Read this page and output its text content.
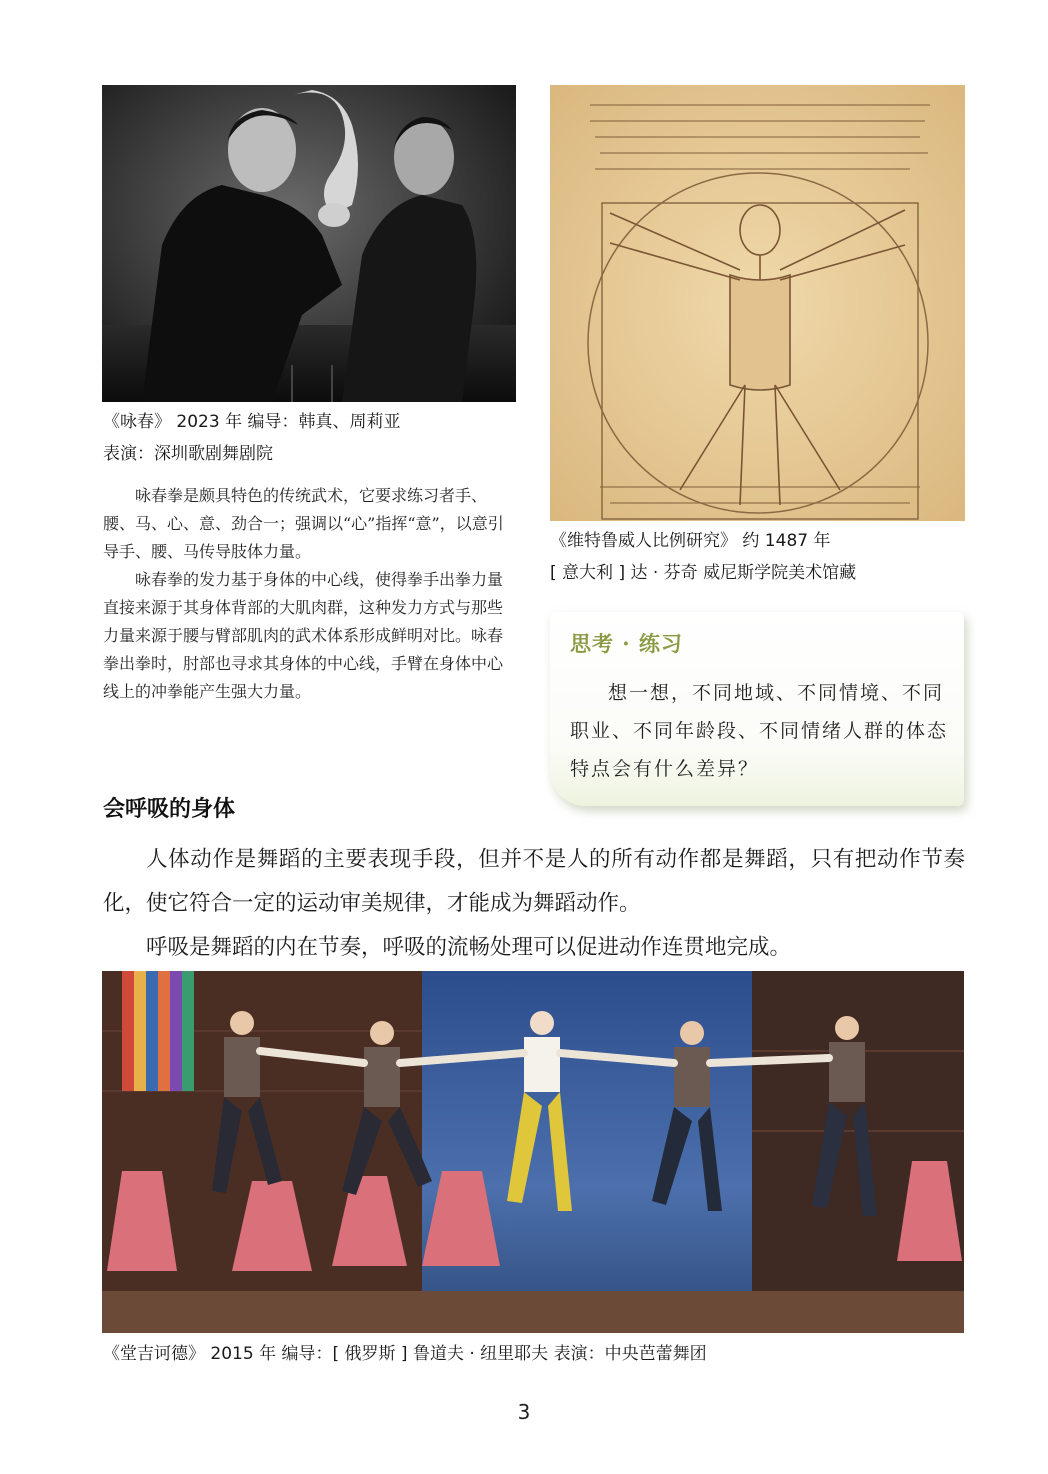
《咏春》 2023 年 编导：韩真、周莉亚
表演：深圳歌剧舞剧院

咏春拳是颇具特色的传统武术，它要求练习者手、腰、马、心、意、劲合一；强调以“心”指挥“意”，以意引导手、腰、马传导肢体力量。

咏春拳的发力基于身体的中心线，使得拳手出拳力量直接来源于其身体背部的大肌肉群，这种发力方式与那些力量来源于腰与臂部肌肉的武术体系形成鲜明对比。咏春拳出拳时，肘部也寻求其身体的中心线，手臂在身体中心线上的冲拳能产生强大力量。

《维特鲁威人比例研究》 约 1487 年
[ 意大利 ] 达 · 芬奇 威尼斯学院美术馆藏
思考 · 练习

想一想，不同地域、不同情境、不同职业、不同年龄段、不同情绪人群的体态特点会有什么差异？

会呼吸的身体

人体动作是舞蹈的主要表现手段，但并不是人的所有动作都是舞蹈，只有把动作节奏化，使它符合一定的运动审美规律，才能成为舞蹈动作。

呼吸是舞蹈的内在节奏，呼吸的流畅处理可以促进动作连贯地完成。

《堂吉诃德》 2015 年 编导：[ 俄罗斯 ] 鲁道夫 · 纽里耶夫 表演：中央芭蕾舞团
3
